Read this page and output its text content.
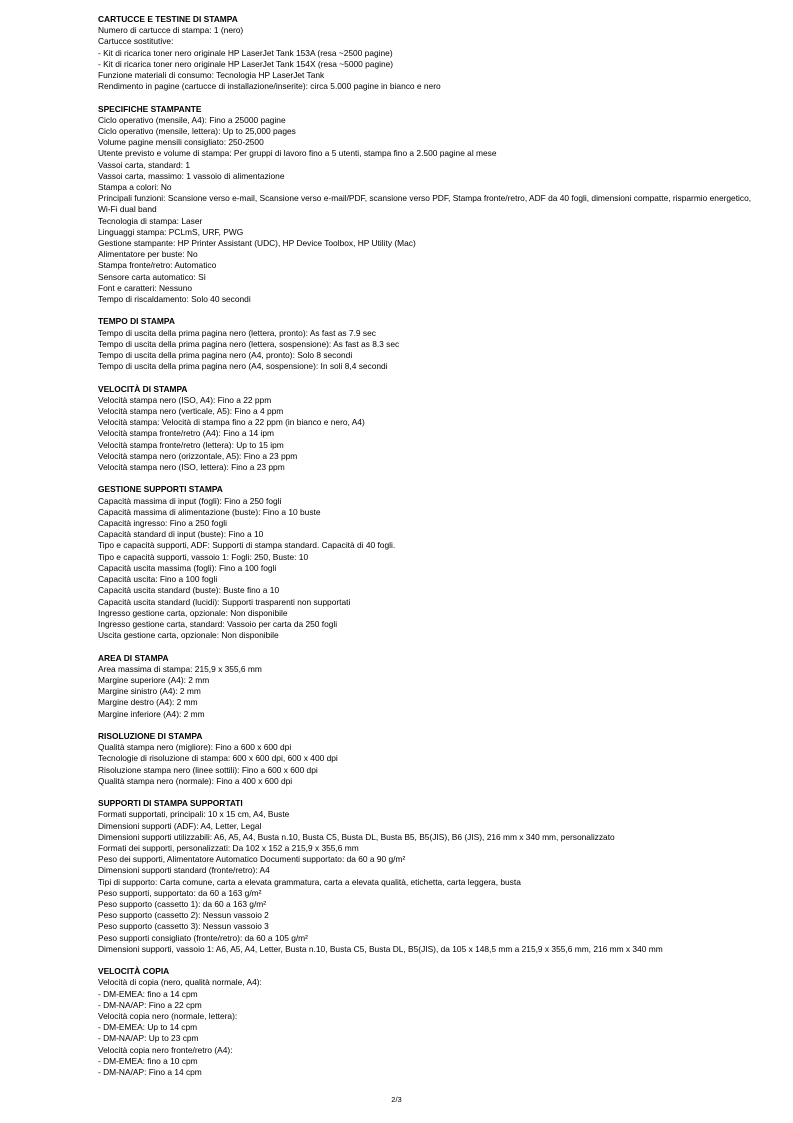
CARTUCCE E TESTINE DI STAMPA

Numero di cartucce di stampa: 1 (nero)

Cartucce sostitutive:

- Kit di ricarica toner nero originale HP LaserJet Tank 153A (resa ~2500 pagine)

- Kit di ricarica toner nero originale HP LaserJet Tank 154X (resa ~5000 pagine)

Funzione materiali di consumo: Tecnologia HP LaserJet Tank

Rendimento in pagine (cartucce di installazione/inserite): circa 5.000 pagine in bianco e nero

SPECIFICHE STAMPANTE

Ciclo operativo (mensile, A4): Fino a 25000 pagine

Ciclo operativo (mensile, lettera): Up to 25,000 pages

Volume pagine mensili consigliato: 250-2500

Utente previsto e volume di stampa: Per gruppi di lavoro fino a 5 utenti, stampa fino a 2.500 pagine al mese

Vassoi carta, standard: 1

Vassoi carta, massimo: 1 vassoio di alimentazione

Stampa a colori: No

Principali funzioni: Scansione verso e-mail, Scansione verso e-mail/PDF, scansione verso PDF, Stampa fronte/retro, ADF da 40 fogli, dimensioni compatte, risparmio energetico, Wi-Fi dual band

Tecnologia di stampa: Laser

Linguaggi stampa: PCLmS, URF, PWG

Gestione stampante: HP Printer Assistant (UDC), HP Device Toolbox, HP Utility (Mac)

Alimentatore per buste: No

Stampa fronte/retro: Automatico

Sensore carta automatico: Sì

Font e caratteri: Nessuno

Tempo di riscaldamento: Solo 40 secondi

TEMPO DI STAMPA

Tempo di uscita della prima pagina nero (lettera, pronto): As fast as 7.9 sec

Tempo di uscita della prima pagina nero (lettera, sospensione): As fast as 8.3 sec

Tempo di uscita della prima pagina nero (A4, pronto): Solo 8 secondi

Tempo di uscita della prima pagina nero (A4, sospensione): In soli 8,4 secondi

VELOCITÀ DI STAMPA

Velocità stampa nero (ISO, A4): Fino a 22 ppm

Velocità stampa nero (verticale, A5): Fino a 4 ppm

Velocità stampa: Velocità di stampa fino a 22 ppm (in bianco e nero, A4)

Velocità stampa fronte/retro (A4): Fino a 14 ipm

Velocità stampa fronte/retro (lettera): Up to 15 ipm

Velocità stampa nero (orizzontale, A5): Fino a 23 ppm

Velocità stampa nero (ISO, lettera): Fino a 23 ppm

GESTIONE SUPPORTI STAMPA

Capacità massima di input (fogli): Fino a 250 fogli

Capacità massima di alimentazione (buste): Fino a 10 buste

Capacità ingresso: Fino a 250 fogli

Capacità standard di input (buste): Fino a 10

Tipo e capacità supporti, ADF: Supporti di stampa standard. Capacità di 40 fogli.

Tipo e capacità supporti, vassoio 1: Fogli: 250, Buste: 10

Capacità uscita massima (fogli): Fino a 100 fogli

Capacità uscita: Fino a 100 fogli

Capacità uscita standard (buste): Buste fino a 10

Capacità uscita standard (lucidi): Supporti trasparenti non supportati

Ingresso gestione carta, opzionale: Non disponibile

Ingresso gestione carta, standard: Vassoio per carta da 250 fogli

Uscita gestione carta, opzionale: Non disponibile

AREA DI STAMPA

Area massima di stampa: 215,9 x 355,6 mm

Margine superiore (A4): 2 mm

Margine sinistro (A4): 2 mm

Margine destro (A4): 2 mm

Margine inferiore (A4): 2 mm

RISOLUZIONE DI STAMPA

Qualità stampa nero (migliore): Fino a 600 x 600 dpi

Tecnologie di risoluzione di stampa: 600 x 600 dpi, 600 x 400 dpi

Risoluzione stampa nero (linee sottili): Fino a 600 x 600 dpi

Qualità stampa nero (normale): Fino a 400 x 600 dpi

SUPPORTI DI STAMPA SUPPORTATI

Formati supportati, principali: 10 x 15 cm, A4, Buste

Dimensioni supporti (ADF): A4, Letter, Legal

Dimensioni supporti utilizzabili: A6, A5, A4, Busta n.10, Busta C5, Busta DL, Busta B5, B5(JIS), B6 (JIS), 216 mm x 340 mm, personalizzato

Formati dei supporti, personalizzati: Da 102 x 152 a 215,9 x 355,6 mm

Peso dei supporti, Alimentatore Automatico Documenti supportato: da 60 a 90 g/m²

Dimensioni supporti standard (fronte/retro): A4

Tipi di supporto: Carta comune, carta a elevata grammatura, carta a elevata qualità, etichetta, carta leggera, busta

Peso supporti, supportato: da 60 a 163 g/m²

Peso supporto (cassetto 1): da 60 a 163 g/m²

Peso supporto (cassetto 2): Nessun vassoio 2

Peso supporto (cassetto 3): Nessun vassoio 3

Peso supporti consigliato (fronte/retro): da 60 a 105 g/m²

Dimensioni supporti, vassoio 1: A6, A5, A4, Letter, Busta n.10, Busta C5, Busta DL, B5(JIS), da 105 x 148,5 mm a 215,9 x 355,6 mm, 216 mm x 340 mm

VELOCITÀ COPIA

Velocità di copia (nero, qualità normale, A4):

- DM-EMEA: fino a 14 cpm

- DM-NA/AP: Fino a 22 cpm

Velocità copia nero (normale, lettera):

- DM-EMEA: Up to 14 cpm

- DM-NA/AP: Up to 23 cpm

Velocità copia nero fronte/retro (A4):

- DM-EMEA: fino a 10 cpm

- DM-NA/AP: Fino a 14 cpm

2/3
